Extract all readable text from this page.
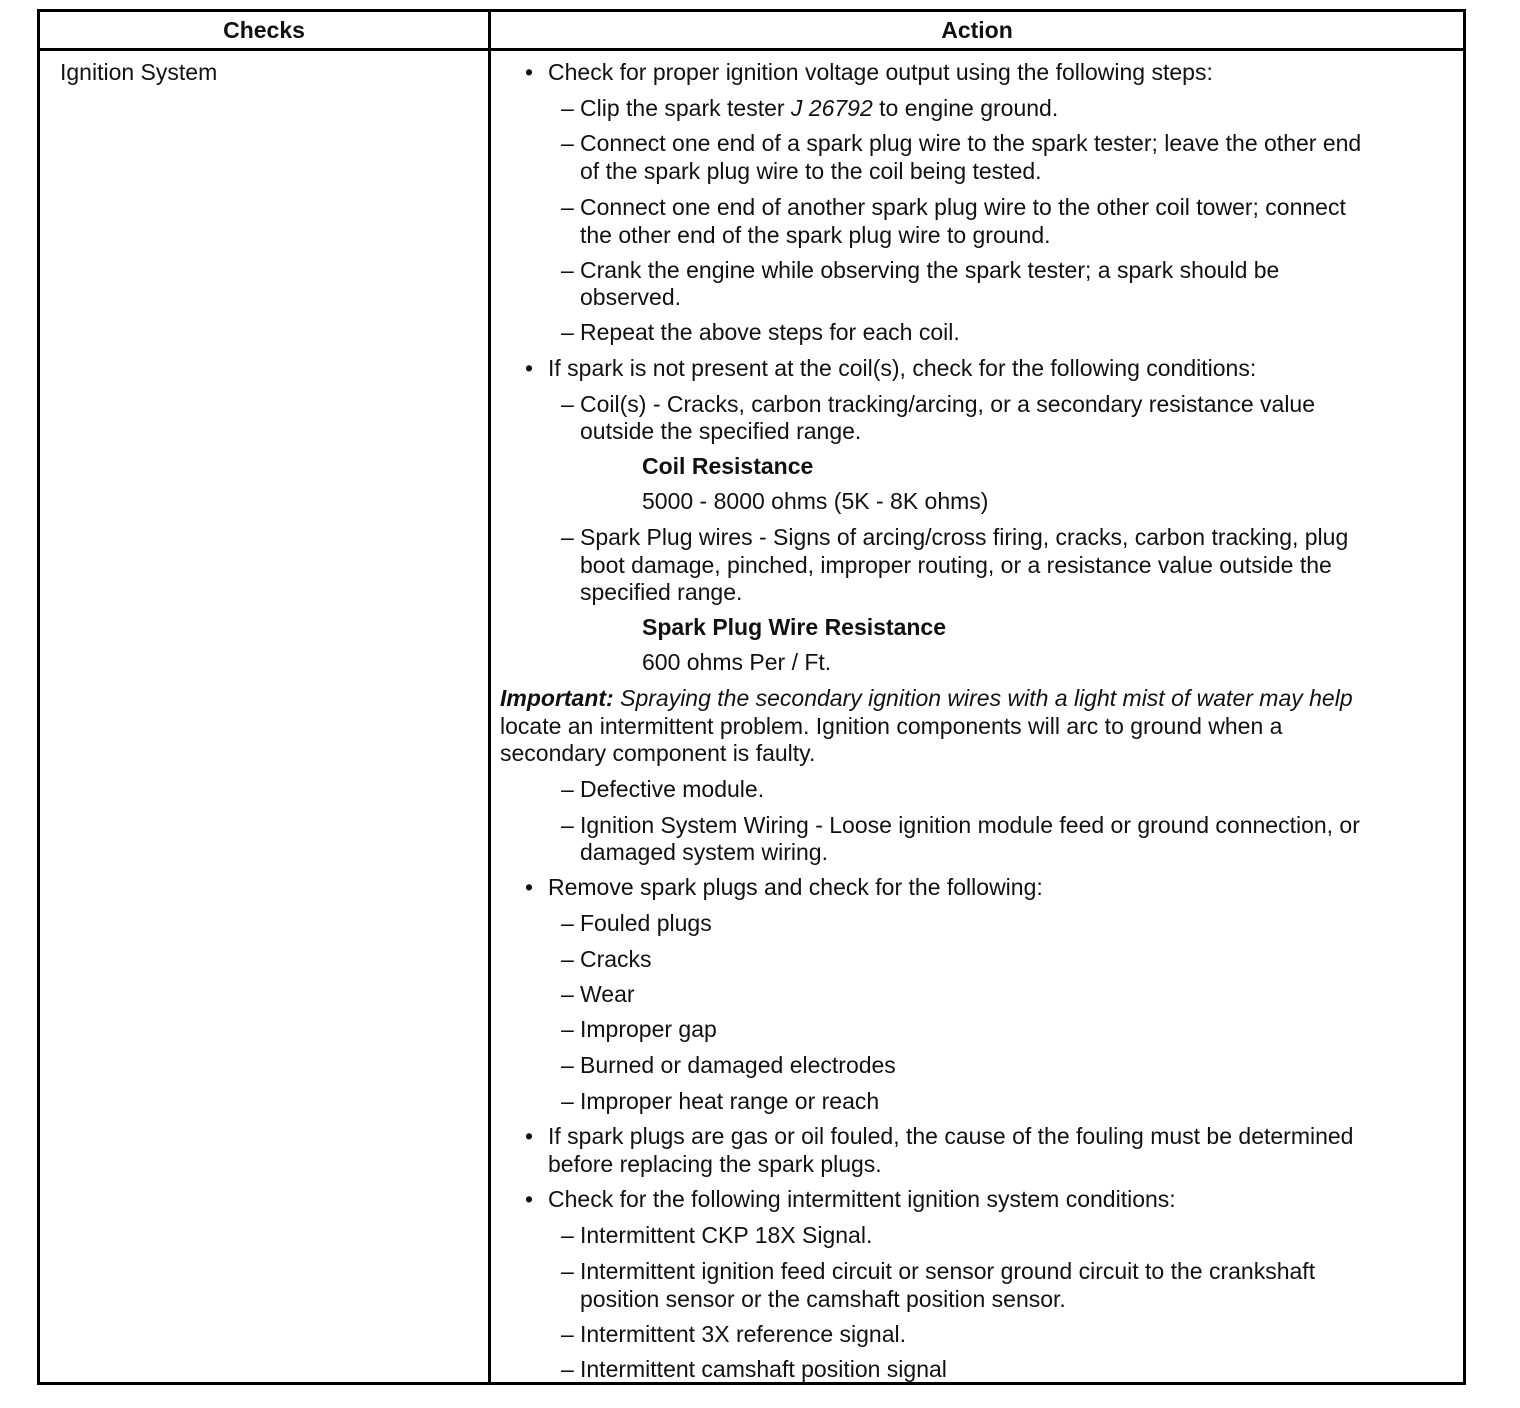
Checks	Action
Ignition System	• Check for proper ignition voltage output using the following steps:
– Clip the spark tester J 26792 to engine ground.
– Connect one end of a spark plug wire to the spark tester; leave the other end
of the spark plug wire to the coil being tested.
– Connect one end of another spark plug wire to the other coil tower; connect
the other end of the spark plug wire to ground.
– Crank the engine while observing the spark tester; a spark should be
observed.
– Repeat the above steps for each coil.
• If spark is not present at the coil(s), check for the following conditions:
– Coil(s) - Cracks, carbon tracking/arcing, or a secondary resistance value
outside the specified range.
Coil Resistance
5000 - 8000 ohms (5K - 8K ohms)
– Spark Plug wires - Signs of arcing/cross firing, cracks, carbon tracking, plug
boot damage, pinched, improper routing, or a resistance value outside the
specified range.
Spark Plug Wire Resistance
600 ohms Per / Ft.
Important: Spraying the secondary ignition wires with a light mist of water may help
locate an intermittent problem. Ignition components will arc to ground when a
secondary component is faulty.
– Defective module.
– Ignition System Wiring - Loose ignition module feed or ground connection, or
damaged system wiring.
• Remove spark plugs and check for the following:
– Fouled plugs
– Cracks
– Wear
– Improper gap
– Burned or damaged electrodes
– Improper heat range or reach
• If spark plugs are gas or oil fouled, the cause of the fouling must be determined
before replacing the spark plugs.
• Check for the following intermittent ignition system conditions:
– Intermittent CKP 18X Signal.
– Intermittent ignition feed circuit or sensor ground circuit to the crankshaft
position sensor or the camshaft position sensor.
– Intermittent 3X reference signal.
– Intermittent camshaft position signal
